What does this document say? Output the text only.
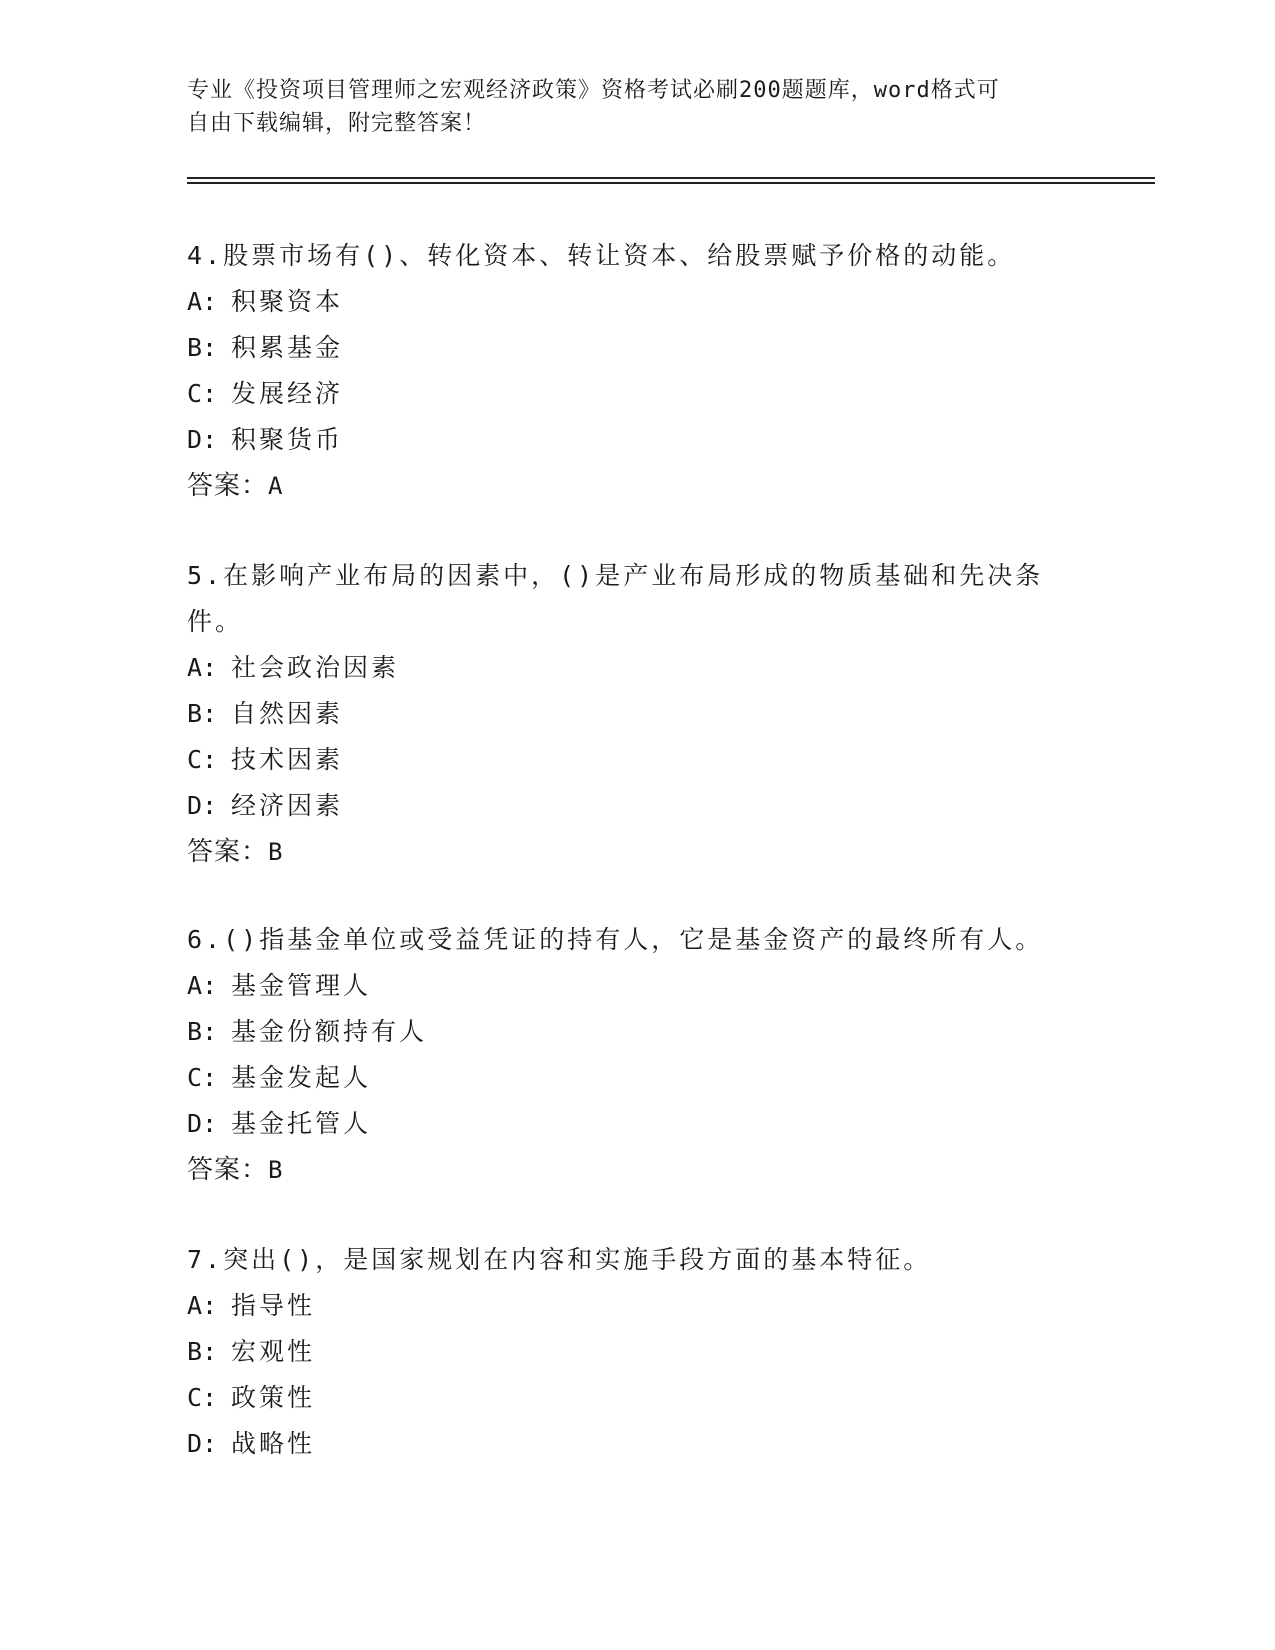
专业《投资项目管理师之宏观经济政策》资格考试必刷200题题库，word格式可
自由下载编辑，附完整答案！
4.股票市场有()、转化资本、转让资本、给股票赋予价格的动能。
A: 积聚资本
B: 积累基金
C: 发展经济
D: 积聚货币
答案：A
5.在影响产业布局的因素中，()是产业布局形成的物质基础和先决条
件。
A: 社会政治因素
B: 自然因素
C: 技术因素
D: 经济因素
答案：B
6.()指基金单位或受益凭证的持有人，它是基金资产的最终所有人。
A: 基金管理人
B: 基金份额持有人
C: 基金发起人
D: 基金托管人
答案：B
7.突出()，是国家规划在内容和实施手段方面的基本特征。
A: 指导性
B: 宏观性
C: 政策性
D: 战略性
